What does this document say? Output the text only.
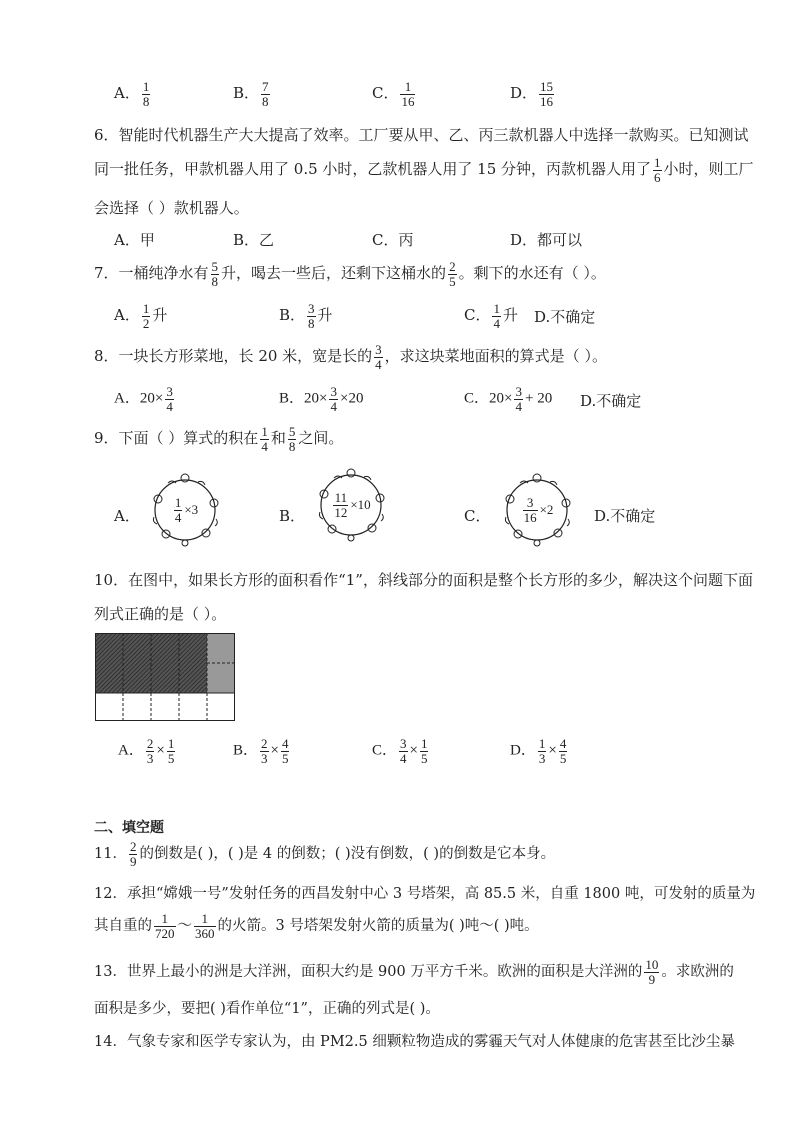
A． $\frac{1}{8}$	B． $\frac{7}{8}$	C． $\frac{1}{16}$	D． $\frac{15}{16}$
6．智能时代机器生产大大提高了效率。工厂要从甲、乙、丙三款机器人中选择一款购买。已知测试
同一批任务，甲款机器人用了 0.5 小时，乙款机器人用了 15 分钟，丙款机器人用了 $\frac{1}{6}$ 小时，则工厂
会选择（ ）款机器人。
A．甲	B．乙	C．丙	D．都可以
7．一桶纯净水有 $\frac{5}{8}$ 升，喝去一些后，还剩下这桶水的 $\frac{2}{5}$ 。剩下的水还有（ ）。
A． $\frac{1}{2}$ 升	B． $\frac{3}{8}$ 升	C． $\frac{1}{4}$ 升 D.不确定
8．一块长方形菜地，长 20 米，宽是长的 $\frac{3}{4}$ ，求这块菜地面积的算式是（ ）。
A．$20\times \frac{3}{4}$	B．$20\times \frac{3}{4} \times 20$	C．$20\times \frac{3}{4} + 20$ D.不确定
9．下面（ ）算式的积在 $\frac{1}{4}$ 和 $\frac{5}{8}$ 之间。
A．	$\frac{1}{4} \times 3$	B． $\frac{11}{12} \times 10$
C． $\frac{3}{16} \times 2$	D.不确定
10．在图中，如果长方形的面积看作“1”，斜线部分的面积是整个长方形的多少，解决这个问题下面
列式正确的是（ ）。
A． $\frac{2}{3} \times \frac{1}{5}$	B． $\frac{2}{3} \times \frac{4}{5}$	C． $\frac{3}{4} \times \frac{1}{5}$	D． $\frac{1}{3} \times \frac{4}{5}$
二、填空题
11． $\frac{2}{9}$ 的倒数是( )，( )是 4 的倒数；( )没有倒数，( )的倒数是它本身。
12．承担“嫦娥一号”发射任务的西昌发射中心 3 号塔架，高 85.5 米，自重 1800 吨，可发射的质量为
其自重的 $\frac{1}{720}$ ～ $\frac{1}{360}$ 的火箭。3 号塔架发射火箭的质量为( )吨～( )吨。
13．世界上最小的洲是大洋洲，面积大约是 900 万平方千米。欧洲的面积是大洋洲的 $\frac{10}{9}$ 。求欧洲的
面积是多少，要把( )看作单位“1”，正确的列式是( )。
14．气象专家和医学专家认为，由 PM2.5 细颗粒物造成的雾霾天气对人体健康的危害甚至比沙尘暴
